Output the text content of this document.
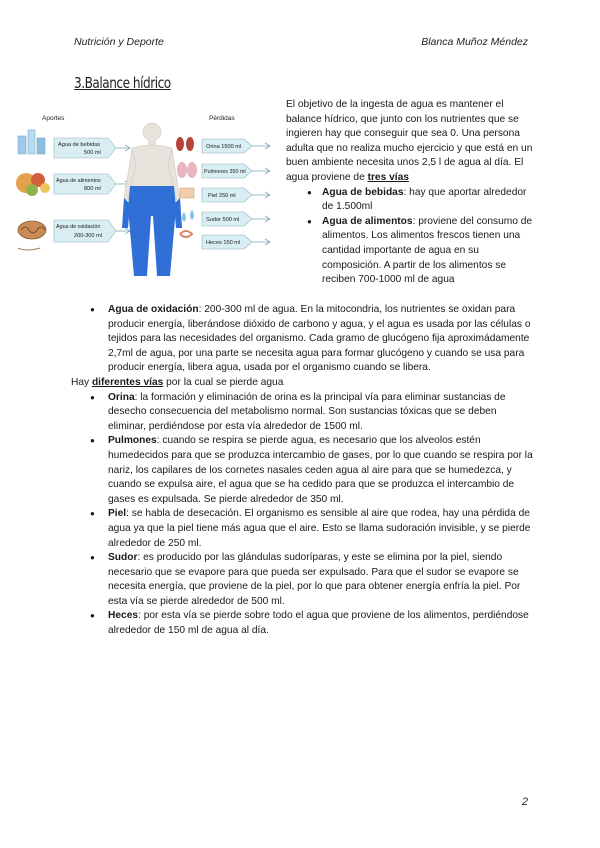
Nutrición y Deporte	Blanca Muñoz Méndez
3.Balance hídrico
Aportes	Pérdidas
Agua de bebidas
500 ml
Agua de alimentos
800 ml
Agua de oxidación
200-300 ml
Orina 1500 ml
Pulmones 350 ml
Piel 250 ml
Sudor 500 ml
Heces 150 ml

El objetivo de la ingesta de agua es mantener el balance hídrico, que junto con los nutrientes que se ingieren hay que conseguir que sea 0. Una persona adulta que no realiza mucho ejercicio y que está en un buen ambiente necesita unos 2,5 l de agua al día. El agua proviene de tres vías

● Agua de bebidas: hay que aportar alrededor de 1.500ml

● Agua de alimentos: proviene del consumo de alimentos. Los alimentos frescos tienen una cantidad importante de agua en su composición. A partir de los alimentos se reciben 700-1000 ml de agua

● Agua de oxidación: 200-300 ml de agua. En la mitocondria, los nutrientes se oxidan para producir energía, liberándose dióxido de carbono y agua, y el agua es usada por las células o tejidos para las necesidades del organismo. Cada gramo de glucógeno fija aproximádamente 2,7ml de agua, por una parte se necesita agua para formar glucógeno y cuando se usa para producir energía, libera agua, usada por el organismo cuando se libera.

Hay diferentes vías por la cual se pierde agua

● Orina: la formación y eliminación de orina es la principal vía para eliminar sustancias de desecho consecuencia del metabolismo normal. Son sustancias tóxicas que se deben eliminar, perdiéndose por esta vía alrededor de 1500 ml.

● Pulmones: cuando se respira se pierde agua, es necesario que los alveolos estén humedecidos para que se produzca intercambio de gases, por lo que cuando se respira por la nariz, los capilares de los cornetes nasales ceden agua al aire para que se humedezca, y cuando se expulsa aire, el agua que se ha cedido para que se produzca el intercambio de gases es expulsada. Se pierde alrededor de 350 ml.

● Piel: se habla de desecación. El organismo es sensible al aire que rodea, hay una pérdida de agua ya que la piel tiene más agua que el aire. Esto se llama sudoración invisible, y se pierde alrededor de 250 ml.

● Sudor: es producido por las glándulas sudoríparas, y este se elimina por la piel, siendo necesario que se evapore para que pueda ser expulsado. Para que el sudor se evapore se necesita energía, que proviene de la piel, por lo que para obtener energía enfría la piel. Por esta vía se pierde alrededor de 500 ml.

● Heces: por esta vía se pierde sobre todo el agua que proviene de los alimentos, perdiéndose alrededor de 150 ml de agua al día.

2
